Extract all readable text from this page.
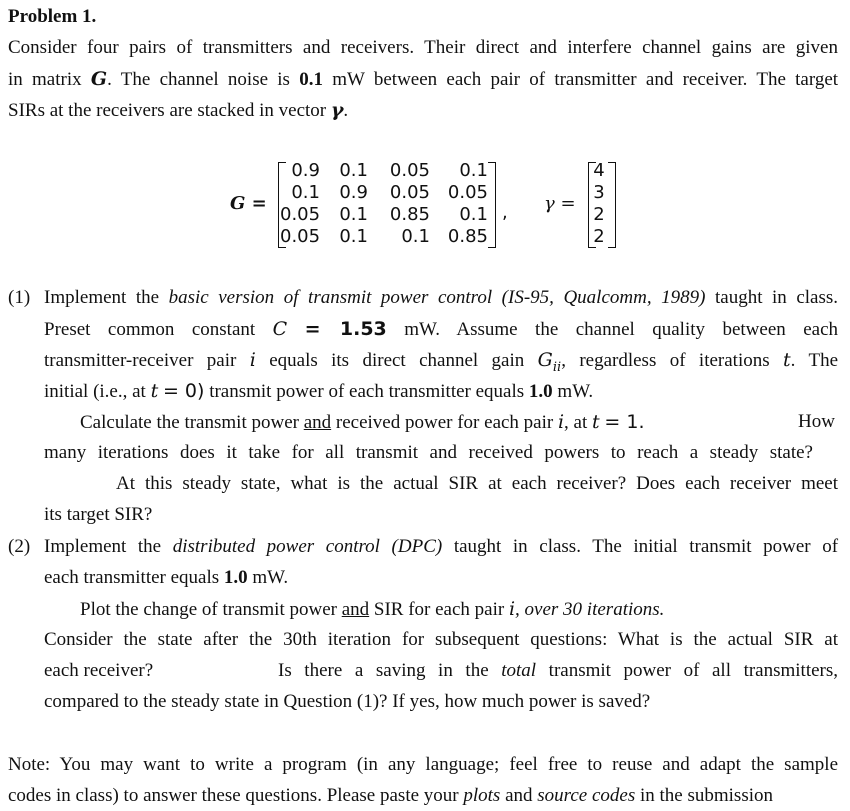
Problem 1.
Consider four pairs of transmitters and receivers. Their direct and interfere channel gains are given
in matrix G. The channel noise is 0.1 mW between each pair of transmitter and receiver. The target
SIRs at the receivers are stacked in vector γ.
G =
0.9	0.1	0.05	0.1
0.1	0.9	0.05 0.05
0.05	0.1	0.85	0.1
0.05	0.1	0.1 0.85
, γ =
4
3
2
2
(1) Implement the basic version of transmit power control (IS-95, Qualcomm, 1989) taught in class.
Preset common constant C = 1.53 mW. Assume the channel quality between each
transmitter-receiver pair i equals its direct channel gain $G_{ii}$, regardless of iterations t. The
initial (i.e., at t = 0) transmit power of each transmitter equals 1.0 mW.
Calculate the transmit power and received power for each pair i, at t = 1.	How
many iterations does it take for all transmit and received powers to reach a steady state?
At this steady state, what is the actual SIR at each receiver? Does each receiver meet
its target SIR?
(2) Implement the distributed power control (DPC) taught in class. The initial transmit power of
each transmitter equals 1.0 mW.
Plot the change of transmit power and SIR for each pair i, over 30 iterations.
Consider the state after the 30th iteration for subsequent questions: What is the actual SIR at
each receiver?	Is there a saving in the total transmit power of all transmitters,
compared to the steady state in Question (1)? If yes, how much power is saved?
Note: You may want to write a program (in any language; feel free to reuse and adapt the sample
codes in class) to answer these questions. Please paste your plots and source codes in the submission
